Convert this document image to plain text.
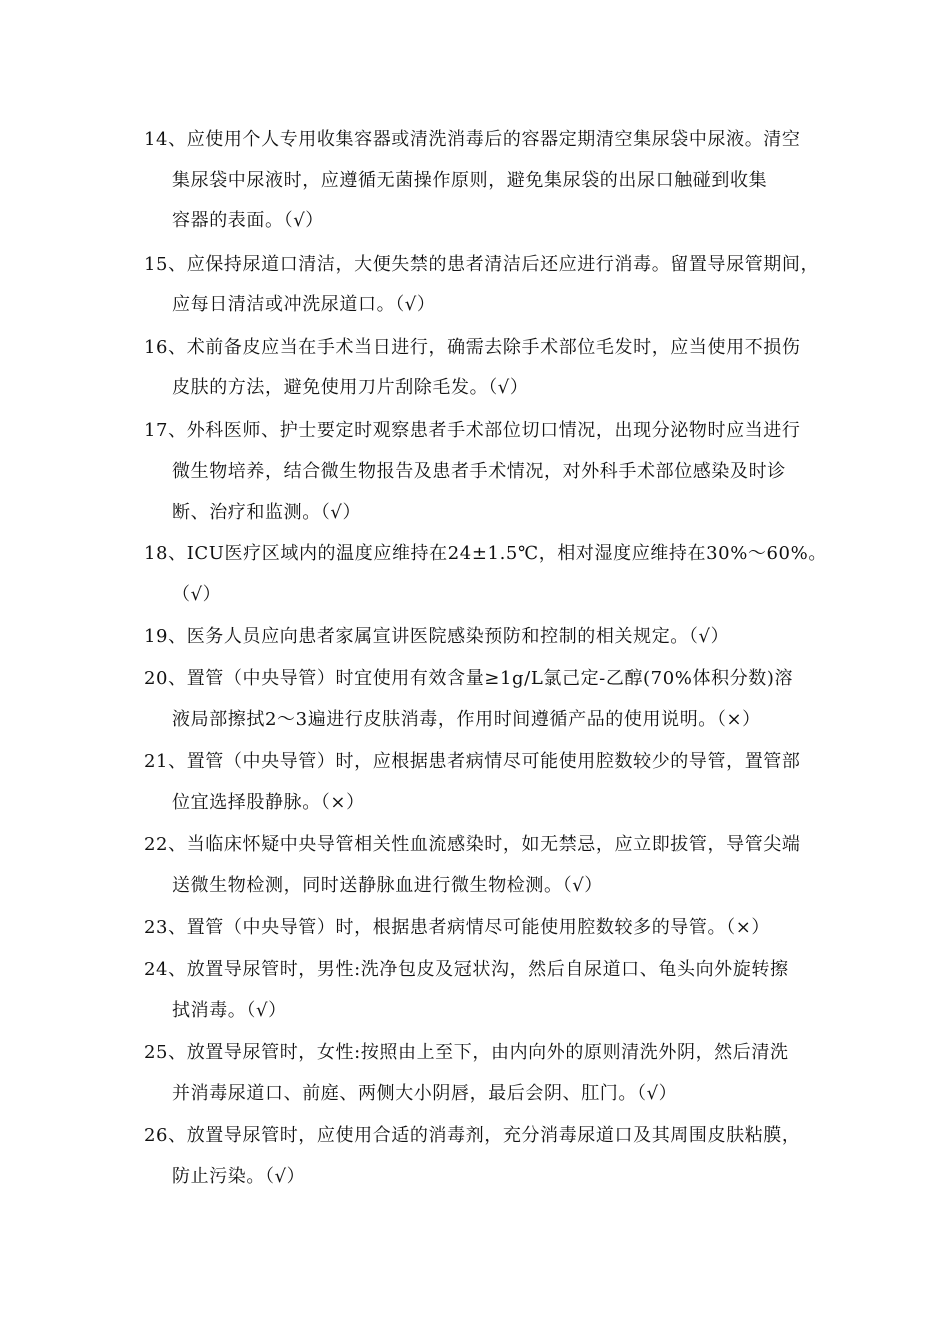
14、应使用个人专用收集容器或清洗消毒后的容器定期清空集尿袋中尿液。清空
集尿袋中尿液时，应遵循无菌操作原则，避免集尿袋的出尿口触碰到收集
容器的表面。（√）
15、应保持尿道口清洁，大便失禁的患者清洁后还应进行消毒。留置导尿管期间，
应每日清洁或冲洗尿道口。（√）
16、术前备皮应当在手术当日进行，确需去除手术部位毛发时，应当使用不损伤
皮肤的方法，避免使用刀片刮除毛发。（√）
17、外科医师、护士要定时观察患者手术部位切口情况，出现分泌物时应当进行
微生物培养，结合微生物报告及患者手术情况，对外科手术部位感染及时诊
断、治疗和监测。（√）
18、ICU医疗区域内的温度应维持在24±1.5℃，相对湿度应维持在30%～60%。
（√）
19、医务人员应向患者家属宣讲医院感染预防和控制的相关规定。（√）
20、置管（中央导管）时宜使用有效含量≥1g/L氯己定-乙醇(70%体积分数)溶
液局部擦拭2～3遍进行皮肤消毒，作用时间遵循产品的使用说明。（×）
21、置管（中央导管）时，应根据患者病情尽可能使用腔数较少的导管，置管部
位宜选择股静脉。（×）
22、当临床怀疑中央导管相关性血流感染时，如无禁忌，应立即拔管，导管尖端
送微生物检测，同时送静脉血进行微生物检测。（√）
23、置管（中央导管）时，根据患者病情尽可能使用腔数较多的导管。（×）
24、放置导尿管时，男性:洗净包皮及冠状沟，然后自尿道口、龟头向外旋转擦
拭消毒。（√）
25、放置导尿管时，女性:按照由上至下，由内向外的原则清洗外阴，然后清洗
并消毒尿道口、前庭、两侧大小阴唇，最后会阴、肛门。（√）
26、放置导尿管时，应使用合适的消毒剂，充分消毒尿道口及其周围皮肤粘膜，
防止污染。（√）
